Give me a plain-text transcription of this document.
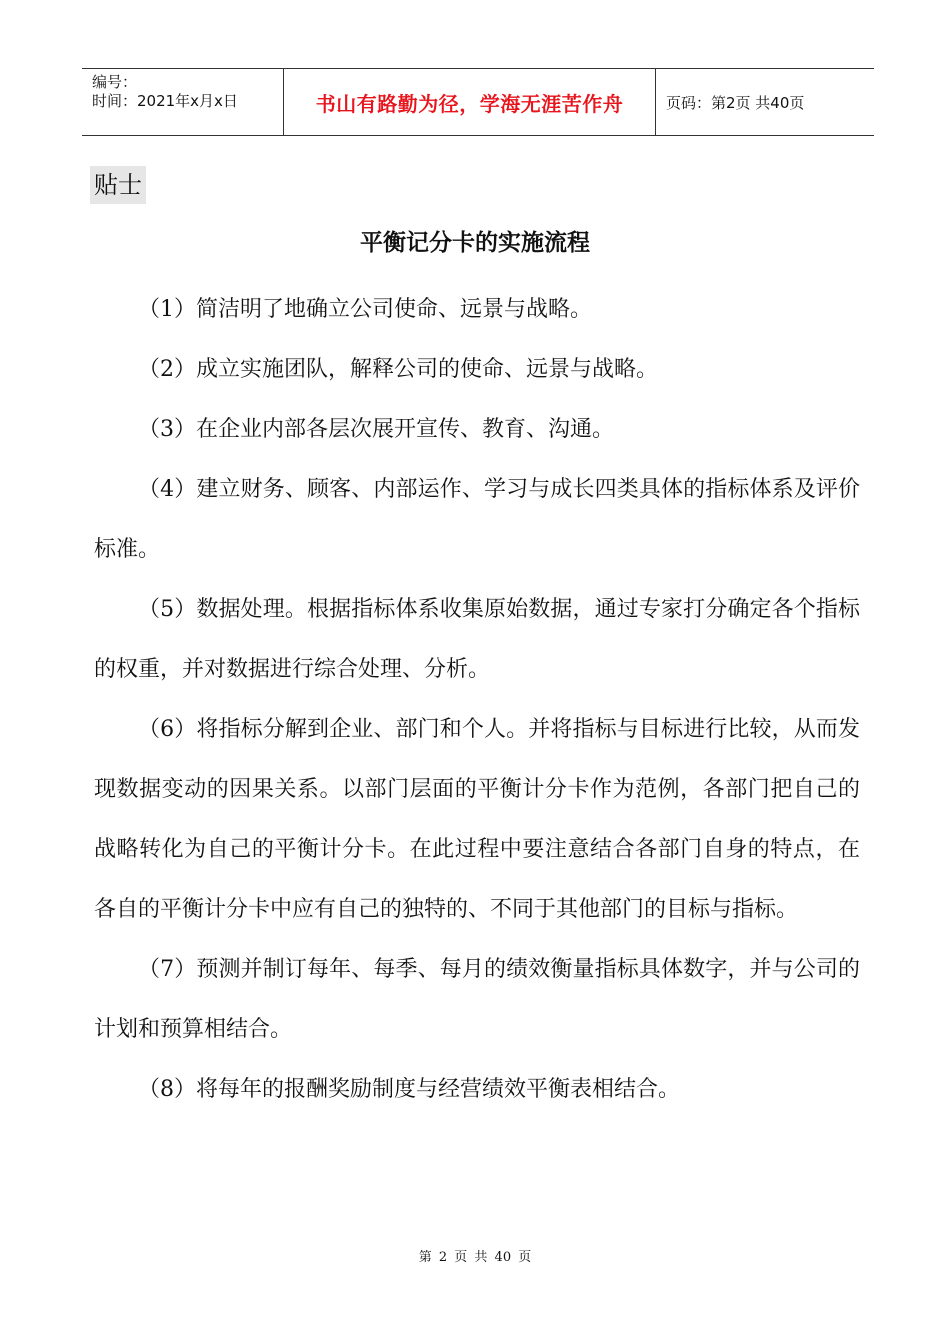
编号：
时间：2021年x月x日	书山有路勤为径，学海无涯苦作舟	页码：第2页 共40页
贴士
平衡记分卡的实施流程

（1）简洁明了地确立公司使命、远景与战略。

（2）成立实施团队，解释公司的使命、远景与战略。

（3）在企业内部各层次展开宣传、教育、沟通。

（4）建立财务、顾客、内部运作、学习与成长四类具体的指标体系及评价标准。

（5）数据处理。根据指标体系收集原始数据，通过专家打分确定各个指标的权重，并对数据进行综合处理、分析。

（6）将指标分解到企业、部门和个人。并将指标与目标进行比较，从而发现数据变动的因果关系。以部门层面的平衡计分卡作为范例，各部门把自己的战略转化为自己的平衡计分卡。在此过程中要注意结合各部门自身的特点，在各自的平衡计分卡中应有自己的独特的、不同于其他部门的目标与指标。

（7）预测并制订每年、每季、每月的绩效衡量指标具体数字，并与公司的计划和预算相结合。

（8）将每年的报酬奖励制度与经营绩效平衡表相结合。

第 2 页 共 40 页
